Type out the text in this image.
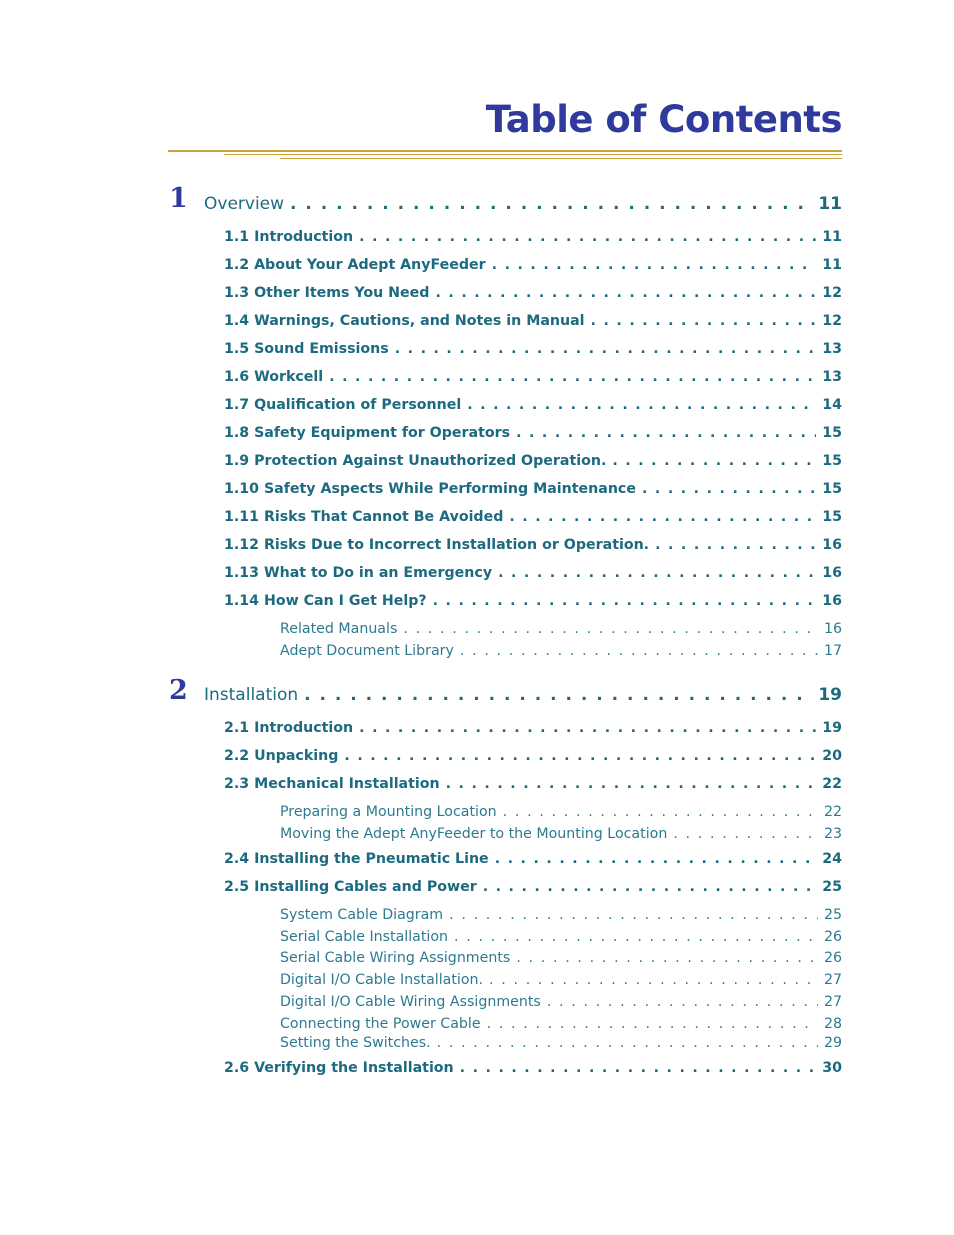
Table of Contents
1 Overview . . .	11
1.1 Introduction . . .	11
1.2 About Your Adept AnyFeeder . . .	11
1.3 Other Items You Need . . .	12
1.4 Warnings, Cautions, and Notes in Manual . . .	12
1.5 Sound Emissions . . .	13
1.6 Workcell . . .	13
1.7 Qualification of Personnel . . .	14
1.8 Safety Equipment for Operators . . .	15
1.9 Protection Against Unauthorized Operation. . . .	15
1.10 Safety Aspects While Performing Maintenance . . .	15
1.11 Risks That Cannot Be Avoided . . .	15
1.12 Risks Due to Incorrect Installation or Operation. . . .	16
1.13 What to Do in an Emergency . . .	16
1.14 How Can I Get Help? . . .	16
Related Manuals . . .	16
Adept Document Library . . .	17
2 Installation . . .	19
2.1 Introduction . . .	19
2.2 Unpacking . . .	20
2.3 Mechanical Installation . . .	22
Preparing a Mounting Location . . .	22
Moving the Adept AnyFeeder to the Mounting Location . . .	23
2.4 Installing the Pneumatic Line . . .	24
2.5 Installing Cables and Power . . .	25
System Cable Diagram . . .	25
Serial Cable Installation . . .	26
Serial Cable Wiring Assignments . . .	26
Digital I/O Cable Installation. . . .	27
Digital I/O Cable Wiring Assignments . . .	27
Connecting the Power Cable . . .	28
Setting the Switches. . . .	29
2.6 Verifying the Installation . . .	30
